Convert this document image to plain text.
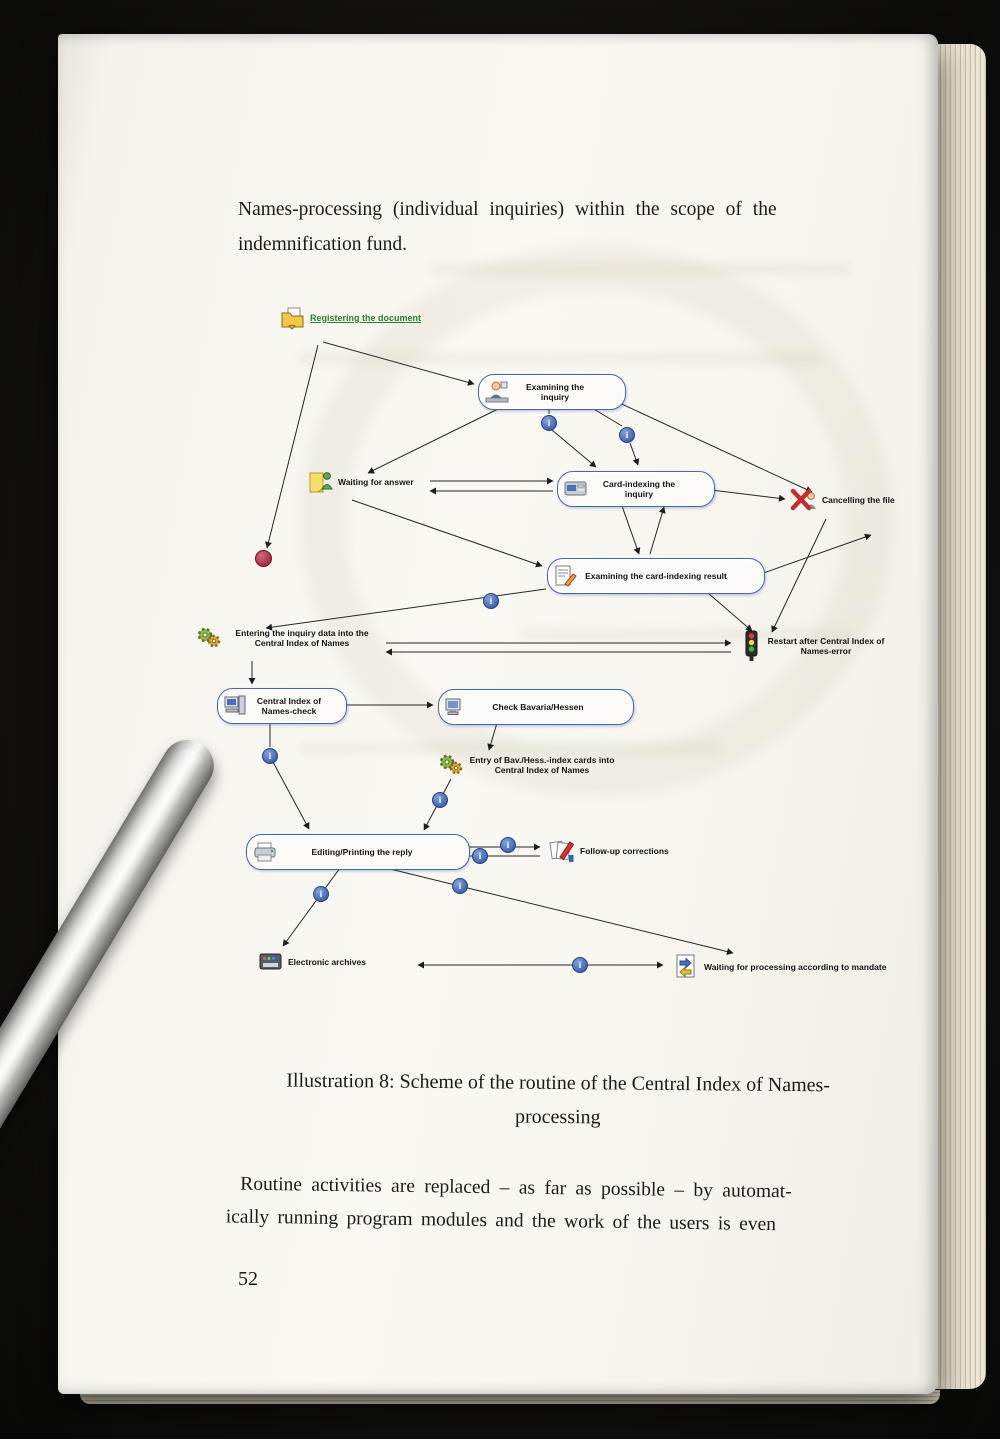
Names-processing (individual inquiries) within the scope of the
indemnification fund.
Illustration 8: Scheme of the routine of the Central Index of Names-
processing
Routine activities are replaced – as far as possible – by automat-
ically running program modules and the work of the users is even
52
Registering the document
Examining the inquiry
Waiting for answer	Card-indexing the inquiry
Cancelling the file
Examining the card-indexing result
Entering the inquiry data into the Central Index of Names	Restart after Central Index of Names-error
Central Index of Names-check	Check Bavaria/Hessen
Entry of Bav./Hess.-index cards into Central Index of Names
Editing/Printing the reply	Follow-up corrections
Electronic archives	Waiting for processing according to mandate
i
i
i
i
i
i
i
i
i
i
